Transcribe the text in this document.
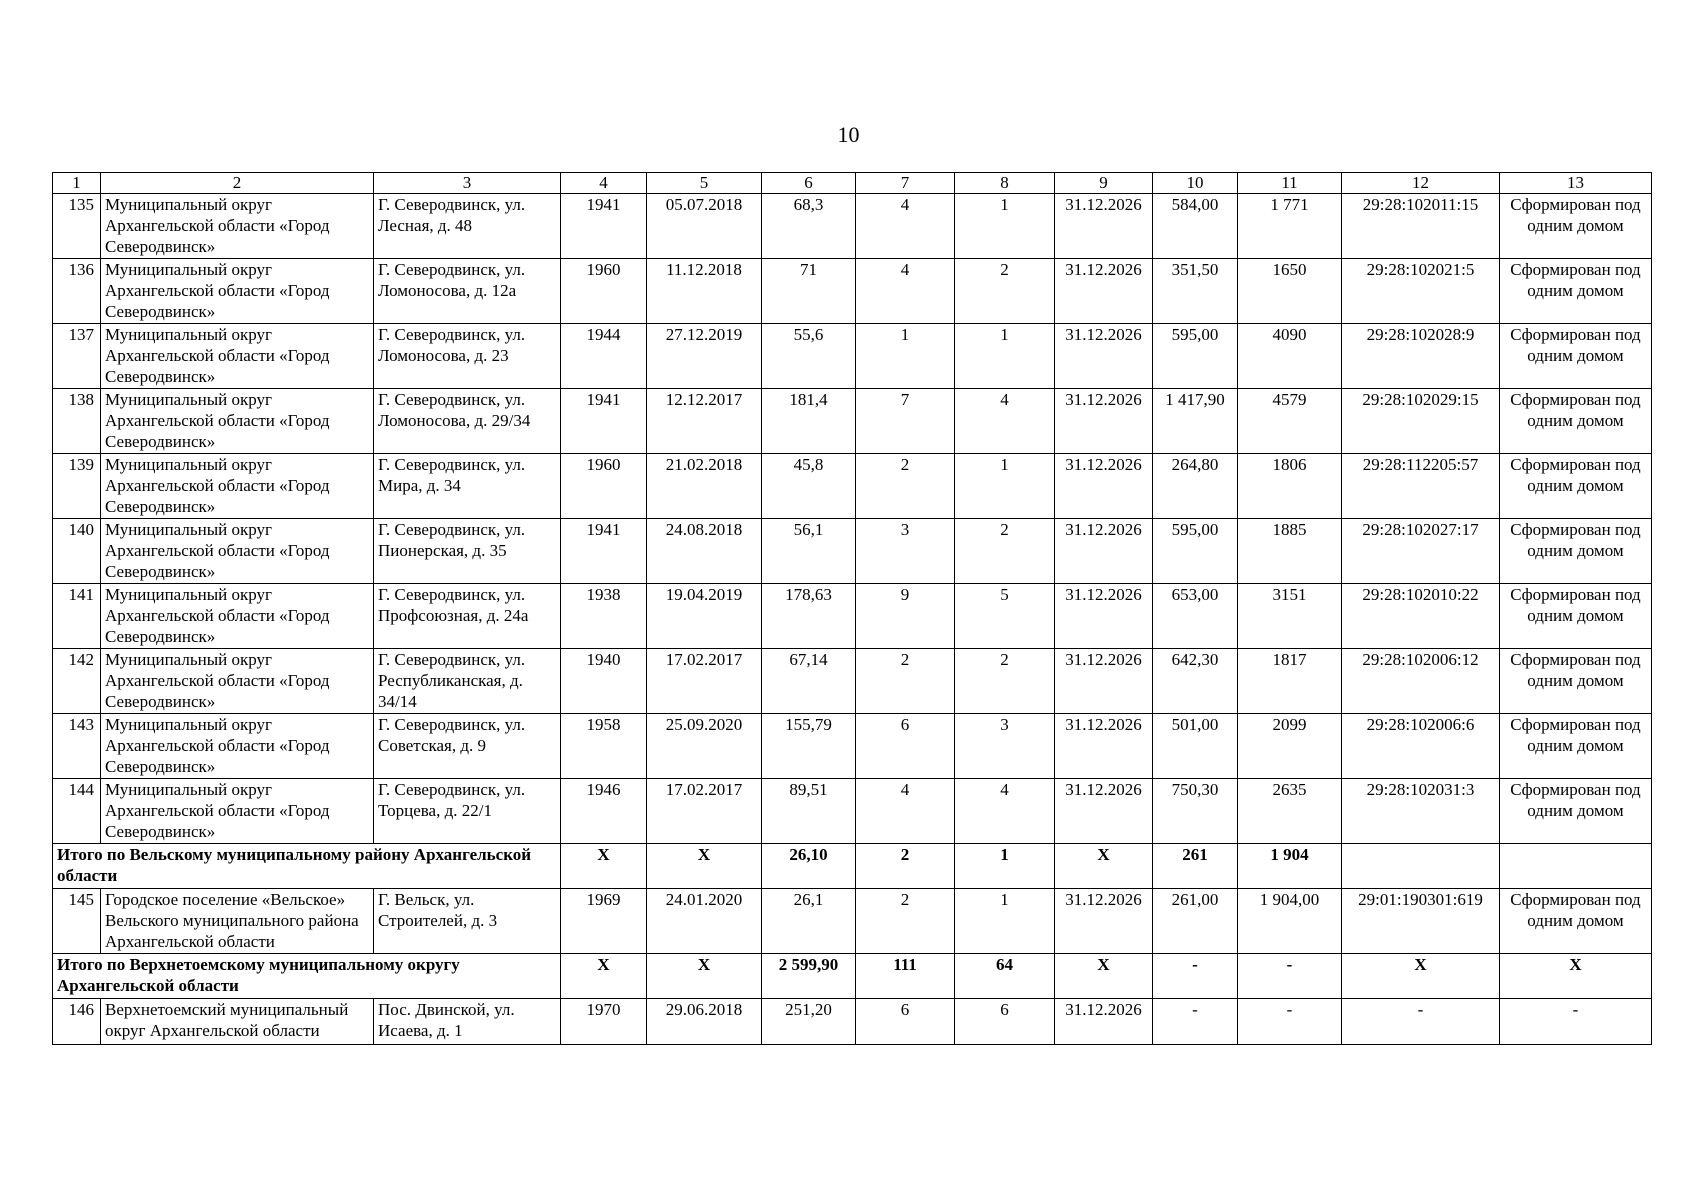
10
1	2	3	4	5	6	7	8	9	10	11	12	13
135	Муниципальный округ Архангельской области «Город Северодвинск»	Г. Северодвинск, ул. Лесная, д. 48	1941	05.07.2018	68,3	4	1	31.12.2026	584,00	1 771	29:28:102011:15	Сформирован под одним домом
136	Муниципальный округ Архангельской области «Город Северодвинск»	Г. Северодвинск, ул. Ломоносова, д. 12а	1960	11.12.2018	71	4	2	31.12.2026	351,50	1650	29:28:102021:5	Сформирован под одним домом
137	Муниципальный округ Архангельской области «Город Северодвинск»	Г. Северодвинск, ул. Ломоносова, д. 23	1944	27.12.2019	55,6	1	1	31.12.2026	595,00	4090	29:28:102028:9	Сформирован под одним домом
138	Муниципальный округ Архангельской области «Город Северодвинск»	Г. Северодвинск, ул. Ломоносова, д. 29/34	1941	12.12.2017	181,4	7	4	31.12.2026	1 417,90	4579	29:28:102029:15	Сформирован под одним домом
139	Муниципальный округ Архангельской области «Город Северодвинск»	Г. Северодвинск, ул. Мира, д. 34	1960	21.02.2018	45,8	2	1	31.12.2026	264,80	1806	29:28:112205:57	Сформирован под одним домом
140	Муниципальный округ Архангельской области «Город Северодвинск»	Г. Северодвинск, ул. Пионерская, д. 35	1941	24.08.2018	56,1	3	2	31.12.2026	595,00	1885	29:28:102027:17	Сформирован под одним домом
141	Муниципальный округ Архангельской области «Город Северодвинск»	Г. Северодвинск, ул. Профсоюзная, д. 24а	1938	19.04.2019	178,63	9	5	31.12.2026	653,00	3151	29:28:102010:22	Сформирован под одним домом
142	Муниципальный округ Архангельской области «Город Северодвинск»	Г. Северодвинск, ул. Республиканская, д. 34/14	1940	17.02.2017	67,14	2	2	31.12.2026	642,30	1817	29:28:102006:12	Сформирован под одним домом
143	Муниципальный округ Архангельской области «Город Северодвинск»	Г. Северодвинск, ул. Советская, д. 9	1958	25.09.2020	155,79	6	3	31.12.2026	501,00	2099	29:28:102006:6	Сформирован под одним домом
144	Муниципальный округ Архангельской области «Город Северодвинск»	Г. Северодвинск, ул. Торцева, д. 22/1	1946	17.02.2017	89,51	4	4	31.12.2026	750,30	2635	29:28:102031:3	Сформирован под одним домом
Итого по Вельскому муниципальному району Архангельской области			X	X	26,10	2	1	X	261	1 904		
145	Городское поселение «Вельское» Вельского муниципального района Архангельской области	Г. Вельск, ул. Строителей, д. 3	1969	24.01.2020	26,1	2	1	31.12.2026	261,00	1 904,00	29:01:190301:619	Сформирован под одним домом
Итого по Верхнетоемскому муниципальному округу Архангельской области			X	X	2 599,90	111	64	X	-	-	X	X
146	Верхнетоемский муниципальный округ Архангельской области	Пос. Двинской, ул. Исаева, д. 1	1970	29.06.2018	251,20	6	6	31.12.2026	-	-	-	-
